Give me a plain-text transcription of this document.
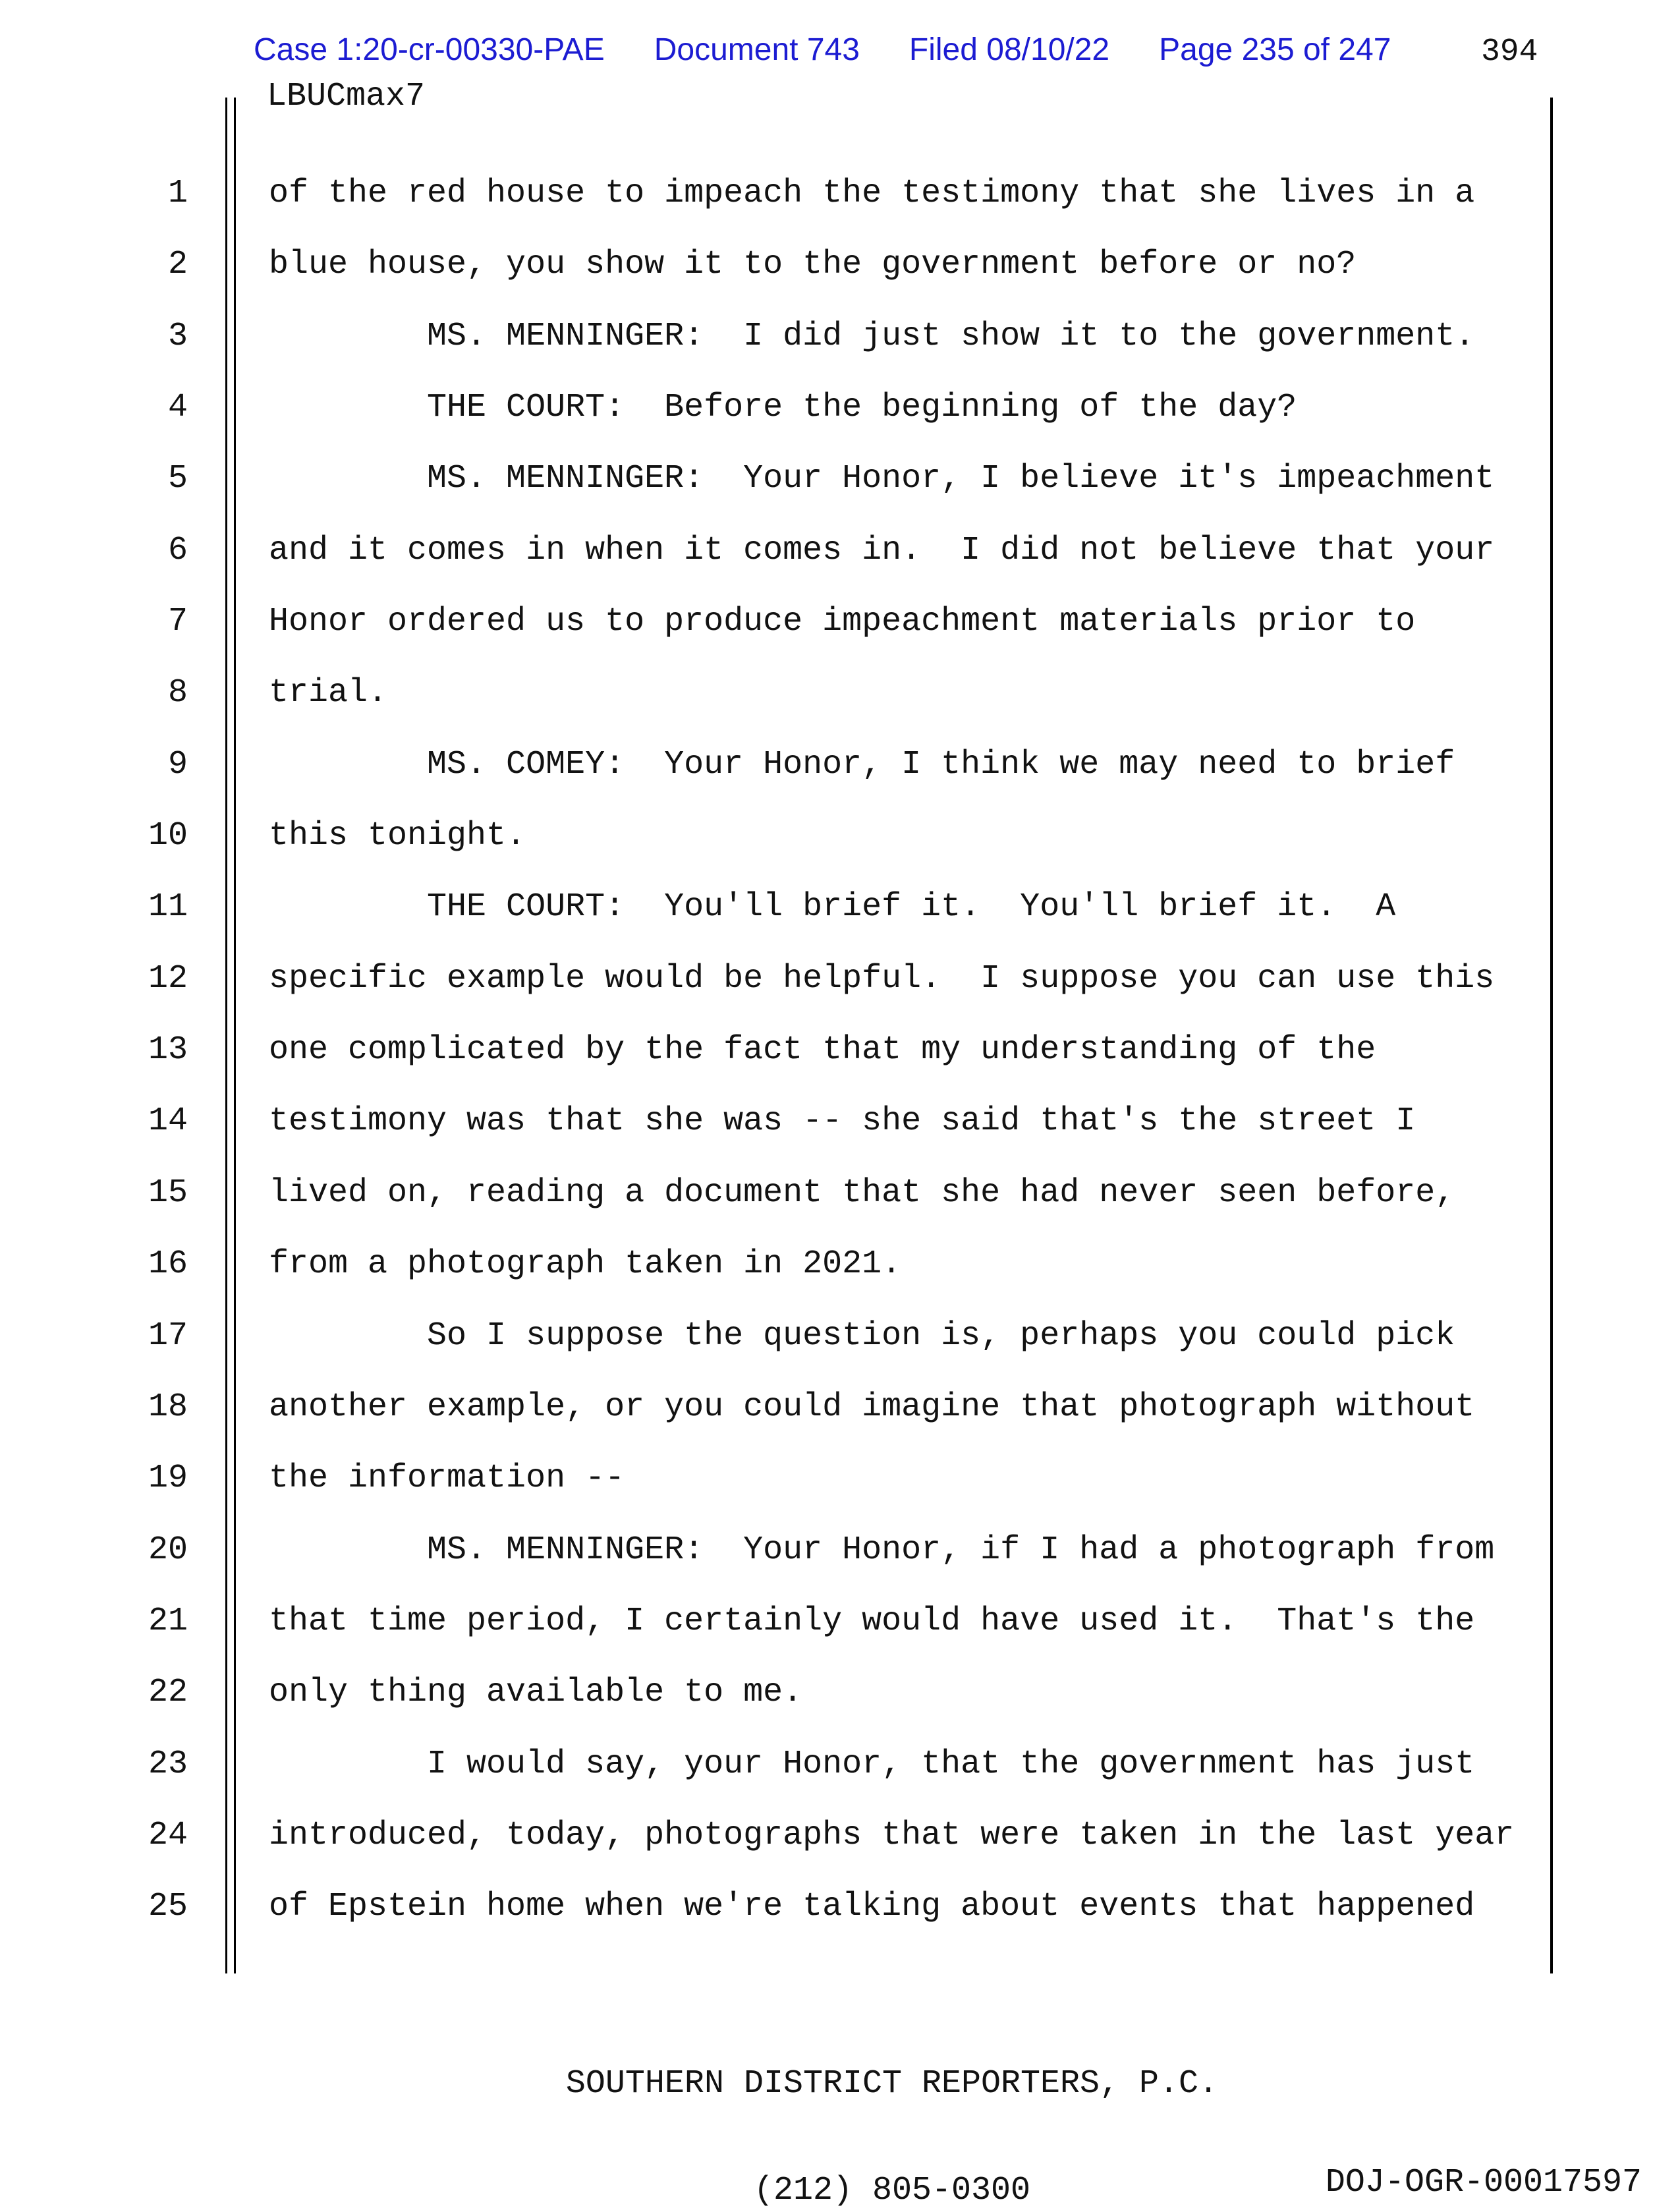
Case 1:20-cr-00330-PAE Document 743 Filed 08/10/22 Page 235 of 247	394
LBUCmax7
1 of the red house to impeach the testimony that she lives in a
2 blue house, you show it to the government before or no?
3 MS. MENNINGER:  I did just show it to the government.
4 THE COURT:  Before the beginning of the day?
5 MS. MENNINGER:  Your Honor, I believe it's impeachment
6 and it comes in when it comes in.  I did not believe that your
7 Honor ordered us to produce impeachment materials prior to
8 trial.
9 MS. COMEY:  Your Honor, I think we may need to brief
10 this tonight.
11 THE COURT:  You'll brief it.  You'll brief it.  A
12 specific example would be helpful.  I suppose you can use this
13 one complicated by the fact that my understanding of the
14 testimony was that she was -- she said that's the street I
15 lived on, reading a document that she had never seen before,
16 from a photograph taken in 2021.
17 So I suppose the question is, perhaps you could pick
18 another example, or you could imagine that photograph without
19 the information --
20 MS. MENNINGER:  Your Honor, if I had a photograph from
21 that time period, I certainly would have used it.  That's the
22 only thing available to me.
23 I would say, your Honor, that the government has just
24 introduced, today, photographs that were taken in the last year
25 of Epstein home when we're talking about events that happened

SOUTHERN DISTRICT REPORTERS, P.C.

(212) 805-0300

	DOJ-OGR-00017597
